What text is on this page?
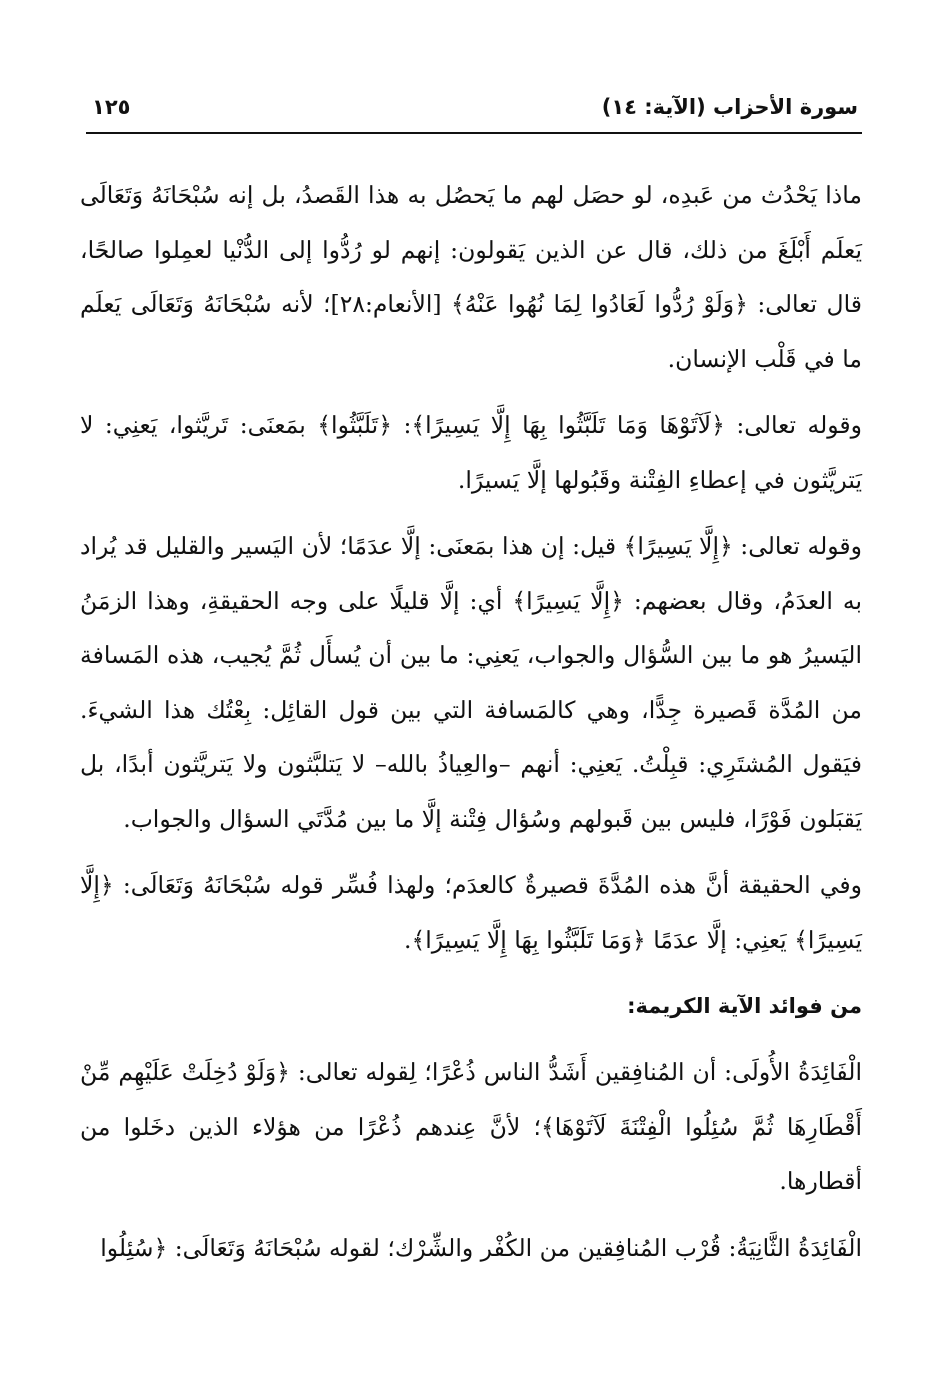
سورة الأحزاب (الآية: ١٤)
١٢٥

ماذا يَحْدُث من عَبدِه، لو حصَل لهم ما يَحصُل به هذا القَصدُ، بل إنه سُبْحَانَهُ وَتَعَالَى يَعلَم أَبْلَغَ من ذلك، قال عن الذين يَقولون: إنهم لو رُدُّوا إلى الدُّنْيا لعمِلوا صالحًا، قال تعالى: ﴿وَلَوْ رُدُّوا لَعَادُوا لِمَا نُهُوا عَنْهُ﴾ [الأنعام:٢٨]؛ لأنه سُبْحَانَهُ وَتَعَالَى يَعلَم ما في قَلْب الإنسان.

وقوله تعالى: ﴿لَآتَوْهَا وَمَا تَلَبَّثُوا بِهَا إِلَّا يَسِيرًا﴾: ﴿تَلَبَّثُوا﴾ بمَعنَى: تَريَّثوا، يَعنِي: لا يَتريَّثون في إعطاءِ الفِتْنة وقَبُولها إلَّا يَسيرًا.

وقوله تعالى: ﴿إِلَّا يَسِيرًا﴾ قيل: إن هذا بمَعنَى: إلَّا عدَمًا؛ لأن اليَسير والقليل قد يُراد به العدَمُ، وقال بعضهم: ﴿إِلَّا يَسِيرًا﴾ أي: إلَّا قليلًا على وجه الحقيقةِ، وهذا الزمَنُ اليَسيرُ هو ما بين السُّؤال والجواب، يَعنِي: ما بين أن يُسأَل ثُمَّ يُجيب، هذه المَسافة من المُدَّة قَصيرة جِدًّا، وهي كالمَسافة التي بين قول القائِل: بِعْتُك هذا الشيءَ. فيَقول المُشتَرِي: قبِلْتُ. يَعنِي: أنهم –والعِياذُ بالله– لا يَتلبَّثون ولا يَتريَّثون أبدًا، بل يَقبَلون فَوْرًا، فليس بين قَبولهم وسُؤال فِتْنة إلَّا ما بين مُدَّتَي السؤال والجواب.

وفي الحقيقة أنَّ هذه المُدَّةَ قصيرةٌ كالعدَم؛ ولهذا فُسِّر قوله سُبْحَانَهُ وَتَعَالَى: ﴿إِلَّا يَسِيرًا﴾ يَعنِي: إلَّا عدَمًا ﴿وَمَا تَلَبَّثُوا بِهَا إِلَّا يَسِيرًا﴾.

من فوائد الآية الكريمة:

الْفَائِدَةُ الأُولَى: أن المُنافِقين أَشَدُّ الناس ذُعْرًا؛ لِقوله تعالى: ﴿وَلَوْ دُخِلَتْ عَلَيْهِم مِّنْ أَقْطَارِهَا ثُمَّ سُئِلُوا الْفِتْنَةَ لَآتَوْهَا﴾؛ لأنَّ عِندهم ذُعْرًا من هؤلاء الذين دخَلوا من أقطارها.

الْفَائِدَةُ الثَّانِيَةُ: قُرْب المُنافِقين من الكُفْر والشِّرْك؛ لقوله سُبْحَانَهُ وَتَعَالَى: ﴿سُئِلُوا
